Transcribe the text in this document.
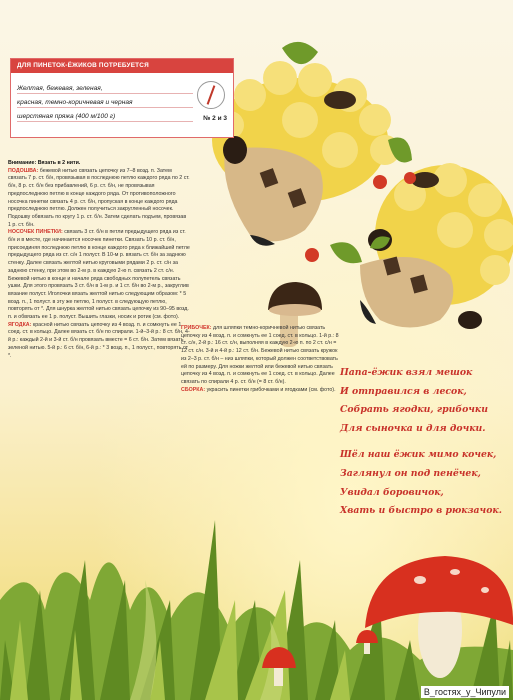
ДЛЯ ПИНЕТОК-ЁЖИКОВ ПОТРЕБУЕТСЯ
Желтая, бежевая, зеленая,
красная, темно-коричневая и черная
шерстяная пряжа (400 м/100 г)	№ 2 и 3

Внимание: Вязать в 2 нити.

ПОДОШВА: бежевой нитью связать цепочку из 7–8 возд. п. Затем связать 7 р. ст. б/н, провязывая в последнюю петлю каждого ряда по 2 ст. б/н, 8 р. ст. б/н без прибавлений, 6 р. ст. б/н, не провязывая предпоследнюю петлю в конце каждого ряда. От противоположного носочка пинетки связать 4 р. ст. б/н, пропуская в конце каждого ряда предпоследнюю петлю. Должен получиться закругленный носочек. Подошву обвязать по кругу 1 р. ст. б/н. Затем сделать подъем, провязав 1 р. ст. б/н.

НОСОЧЕК ПИНЕТКИ: связать 3 ст. б/н в петли предыдущего ряда из ст. б/н и в месте, где начинается носочек пинетки. Связать 10 р. ст. б/н, присоединяя последнюю петлю в конце каждого ряда к ближайшей петле предыдущего ряда из ст. с/н 1 полуст. В 10-м р. вязать ст. б/н за заднюю стенку. Далее связать желтой нитью круговыми рядами 2 р. ст. с/н за заднюю стенку, при этом во 2-м р. в каждую 2-ю п. связать 2 ст. с/н. Бежевой нитью в конце и начале ряда свободных полупетель связать ушки. Для этого провязать 3 ст. б/н в 1-м р. и 1 ст. б/н во 2-м р., закруглив вязание полуст. Иголочки вязать желтой нитью следующим образом: * 5 возд. п., 1 полуст. в эту же петлю, 1 полуст. в следующую петлю, повторять от *. Для шнурка желтой нитью связать цепочку из 90–95 возд. п. и обвязать ее 1 р. полуст. Вышить глазки, носик и ротик (см. фото).

ЯГОДКА: красной нитью связать цепочку из 4 возд. п. и сомкнуть ее 1 соед. ст. в кольцо. Далее вязать ст. б/н по спирали. 1-й–3-й р.: 8 ст. б/н, 4-й р.: каждый 2-й и 3-й ст. б/н провязать вместе = 6 ст. б/н. Затем вязать зеленой нитью. 5-й р.: 6 ст. б/н, 6-й р.: * 3 возд. п., 1 полуст., повторять от *.

ГРИБОЧЕК: для шляпки темно-коричневой нитью связать цепочку из 4 возд. п. и сомкнуть ее 1 соед. ст. в кольцо. 1-й р.: 8 ст. с/н, 2-й р.: 16 ст. с/н, выполняя в каждую 2-ю п. по 2 ст. с/н = 12 ст. с/н. 3-й и 4-й р.: 12 ст. б/н. Бежевой нитью связать кружок из 2–3 р. ст. б/н – низ шляпки, который должен соответствовать ей по размеру. Для ножки желтой или бежевой нитью связать цепочку из 4 возд. п. и сомкнуть ее 1 соед. ст. в кольцо. Далее связать по спирали 4 р. ст. б/н (= 8 ст. б/н).

СБОРКА: украсить пинетки грибочками и ягодками (см. фото).

Папа-ёжик взял мешок
И отправился в лесок,
Собрать ягодки, грибочки
Для сыночка и для дочки.
Шёл наш ёжик мимо кочек,
Заглянул он под пенёчек,
Увидал боровичок,
Хвать и быстро в рюкзачок.
В_гостях_у_Чипули
